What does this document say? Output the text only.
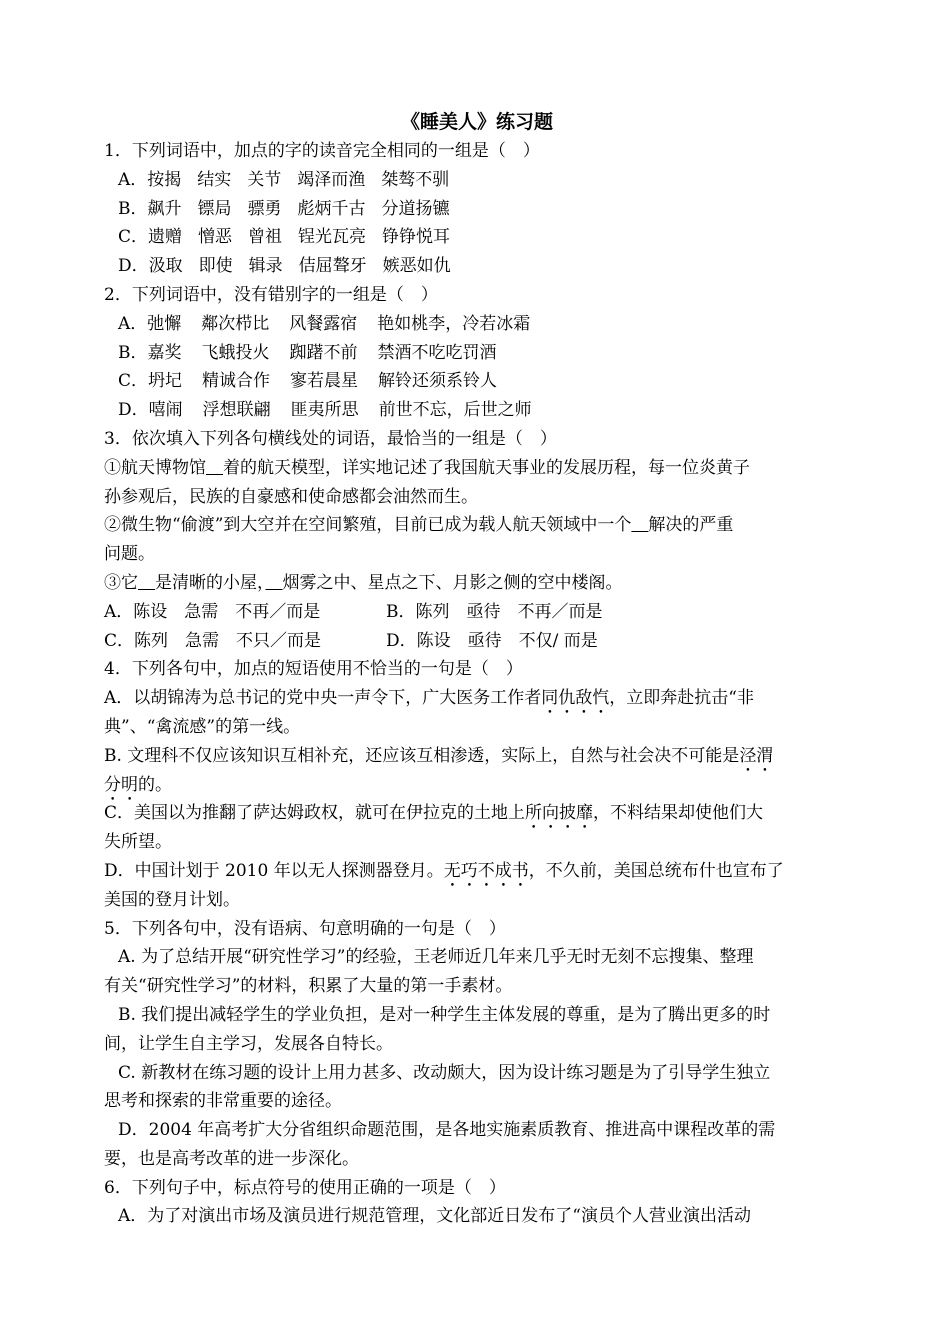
《睡美人》练习题
1．下列词语中，加点的字的读音完全相同的一组是（　）
A．按揭 结实 关节 竭泽而渔 桀骜不驯
B．飙升 镖局 骠勇 彪炳千古 分道扬镳
C．遗赠 憎恶 曾祖 锃光瓦亮 铮铮悦耳
D．汲取 即使 辑录 佶屈聱牙 嫉恶如仇
2．下列词语中，没有错别字的一组是（　）
A．弛懈 鄰次栉比 风餐露宿 艳如桃李，冷若冰霜
B．嘉奖 飞蛾投火 踟躇不前 禁酒不吃吃罚酒
C．坍圮 精诚合作 寥若晨星 解铃还须系铃人
D．嘻闹 浮想联翩 匪夷所思 前世不忘，后世之师
3．依次填入下列各句横线处的词语，最恰当的一组是（　）
①航天博物馆　 着的航天模型，详实地记述了我国航天事业的发展历程，每一位炎黄子
孙参观后，民族的自豪感和使命感都会油然而生。
②微生物“偷渡”到大空并在空间繁殖，目前已成为载人航天领域中一个　 解决的严重
问题。
③它　 是清晰的小屋，　 烟雾之中、星点之下、月影之侧的空中楼阁。
A．陈设　急需　不再／而是	B．陈列　亟待　不再／而是
C．陈列　急需　不只／而是	D．陈设　亟待　不仅/ 而是
4．下列各句中，加点的短语使用不恰当的一句是（　）
A．以胡锦涛为总书记的党中央一声令下，广大医务工作者同仇敌忾，立即奔赴抗击“非
典”、“禽流感”的第一线。
B. 文理科不仅应该知识互相补充，还应该互相渗透，实际上，自然与社会决不可能是泾渭
分明的。
C．美国以为推翻了萨达姆政权，就可在伊拉克的土地上所向披靡，不料结果却使他们大
失所望。
D．中国计划于 2010 年以无人探测器登月。无巧不成书，不久前，美国总统布什也宣布了
美国的登月计划。
5．下列各句中，没有语病、句意明确的一句是（　）
A. 为了总结开展“研究性学习”的经验，王老师近几年来几乎无时无刻不忘搜集、整理
有关“研究性学习”的材料，积累了大量的第一手素材。
B. 我们提出减轻学生的学业负担，是对一种学生主体发展的尊重，是为了腾出更多的时
间，让学生自主学习，发展各自特长。
C. 新教材在练习题的设计上用力甚多、改动颇大，因为设计练习题是为了引导学生独立
思考和探索的非常重要的途径。
D．2004 年高考扩大分省组织命题范围，是各地实施素质教育、推进高中课程改革的需
要，也是高考改革的进一步深化。
6．下列句子中，标点符号的使用正确的一项是（　）
A．为了对演出市场及演员进行规范管理，文化部近日发布了“演员个人营业演出活动
